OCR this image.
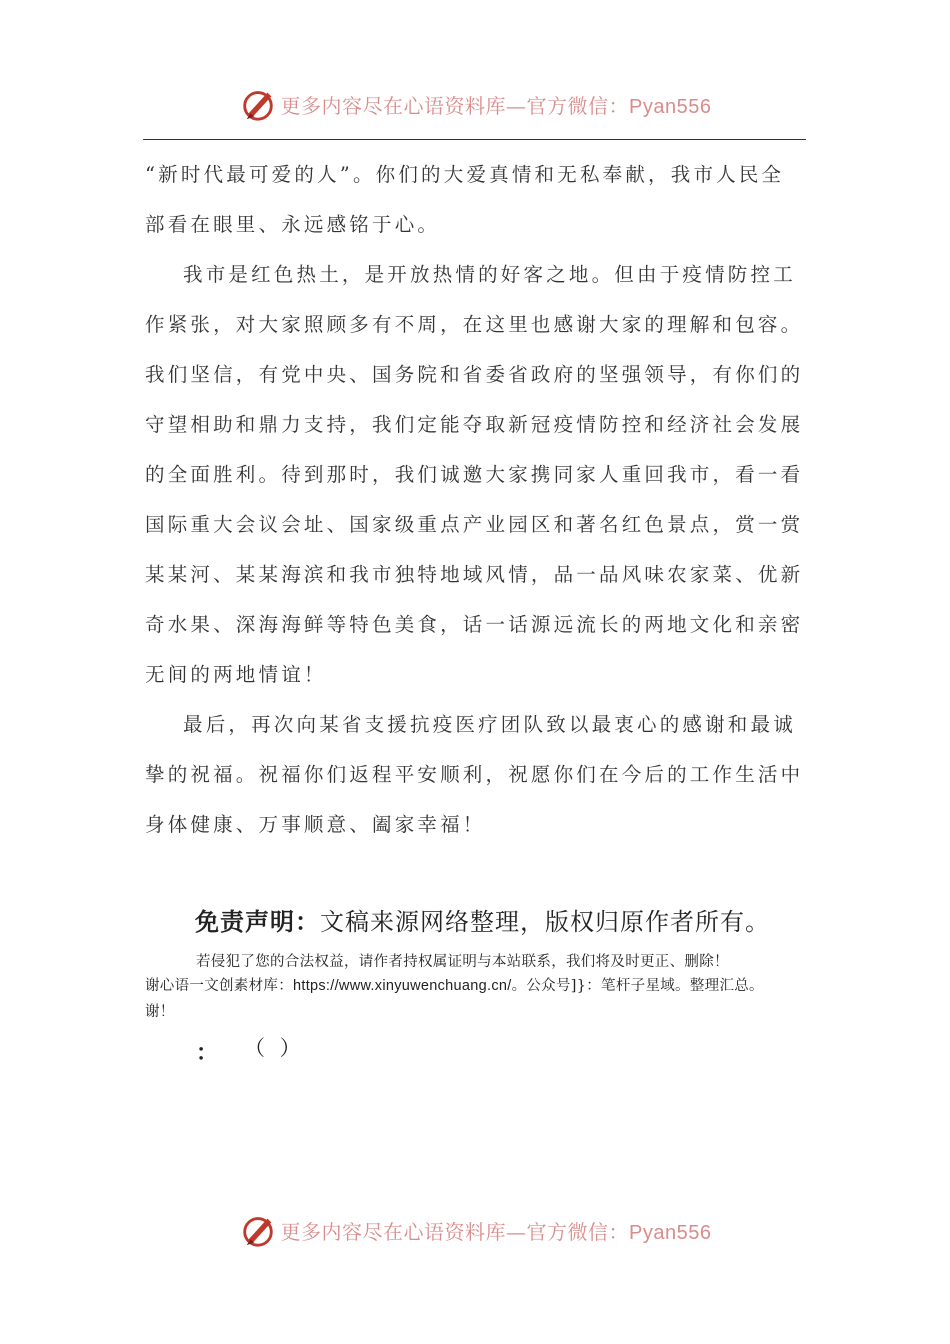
更多内容尽在心语资料库—官方微信：Pyan556
“新时代最可爱的人”。你们的大爱真情和无私奉献，我市人民全
部看在眼里、永远感铭于心。
我市是红色热土，是开放热情的好客之地。但由于疫情防控工
作紧张，对大家照顾多有不周，在这里也感谢大家的理解和包容。
我们坚信，有党中央、国务院和省委省政府的坚强领导，有你们的
守望相助和鼎力支持，我们定能夺取新冠疫情防控和经济社会发展
的全面胜利。待到那时，我们诚邀大家携同家人重回我市，看一看
国际重大会议会址、国家级重点产业园区和著名红色景点，赏一赏
某某河、某某海滨和我市独特地域风情，品一品风味农家菜、优新
奇水果、深海海鲜等特色美食，话一话源远流长的两地文化和亲密
无间的两地情谊！
最后，再次向某省支援抗疫医疗团队致以最衷心的感谢和最诚
挚的祝福。祝福你们返程平安顺利，祝愿你们在今后的工作生活中
身体健康、万事顺意、阖家幸福！
免责声明：文稿来源网络整理，版权归原作者所有。
若侵犯了您的合法权益，请作者持权属证明与本站联系，我们将及时更正、删除！
谢心语一文创素材库：https://www.xinyuwenchuang.cn/。公众号]}：笔杆子星域。整理汇总。
谢！
： （ ）
更多内容尽在心语资料库—官方微信：Pyan556
